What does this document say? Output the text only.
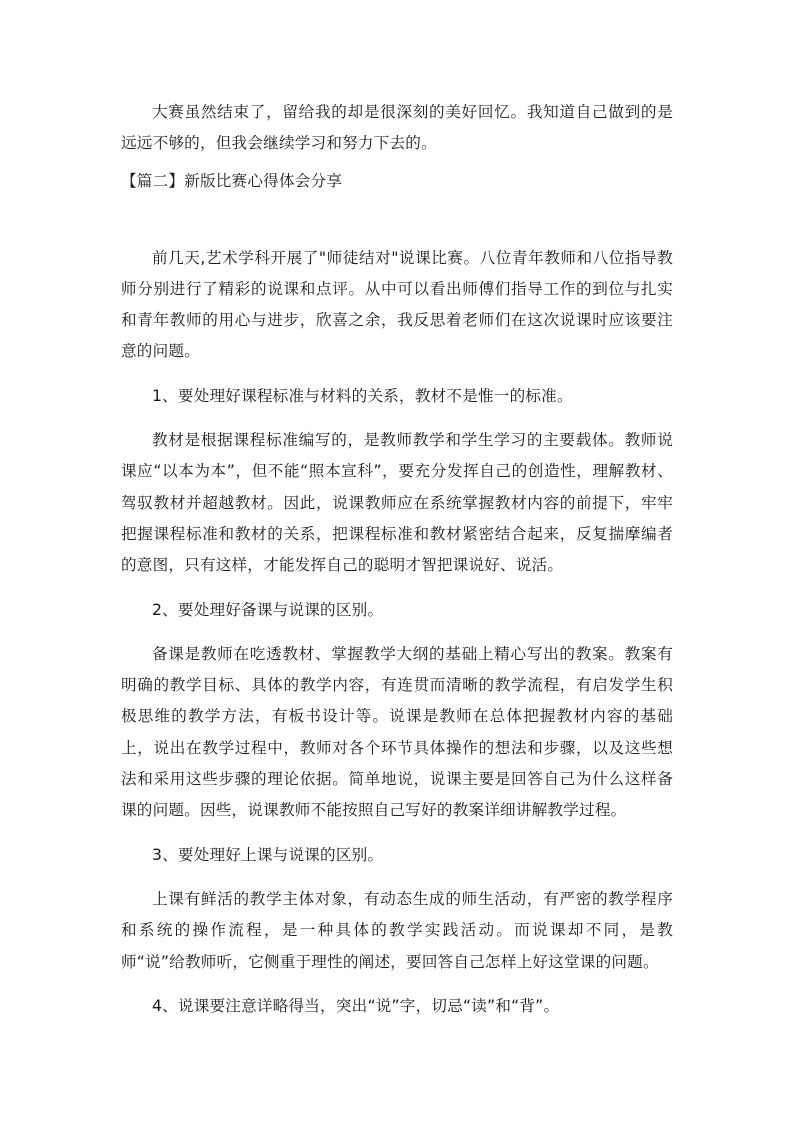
大赛虽然结束了，留给我的却是很深刻的美好回忆。我知道自己做到的是远远不够的，但我会继续学习和努力下去的。

【篇二】新版比赛心得体会分享

前几天,艺术学科开展了"师徒结对"说课比赛。八位青年教师和八位指导教师分别进行了精彩的说课和点评。从中可以看出师傅们指导工作的到位与扎实和青年教师的用心与进步，欣喜之余，我反思着老师们在这次说课时应该要注意的问题。

1、要处理好课程标准与材料的关系，教材不是惟一的标准。

教材是根据课程标准编写的，是教师教学和学生学习的主要载体。教师说课应“以本为本”，但不能“照本宣科”，要充分发挥自己的创造性，理解教材、驾驭教材并超越教材。因此，说课教师应在系统掌握教材内容的前提下，牢牢把握课程标准和教材的关系，把课程标准和教材紧密结合起来，反复揣摩编者的意图，只有这样，才能发挥自己的聪明才智把课说好、说活。

2、要处理好备课与说课的区别。

备课是教师在吃透教材、掌握教学大纲的基础上精心写出的教案。教案有明确的教学目标、具体的教学内容，有连贯而清晰的教学流程，有启发学生积极思维的教学方法，有板书设计等。说课是教师在总体把握教材内容的基础上，说出在教学过程中，教师对各个环节具体操作的想法和步骤，以及这些想法和采用这些步骤的理论依据。简单地说，说课主要是回答自己为什么这样备课的问题。因些，说课教师不能按照自己写好的教案详细讲解教学过程。

3、要处理好上课与说课的区别。

上课有鲜活的教学主体对象，有动态生成的师生活动，有严密的教学程序和系统的操作流程，是一种具体的教学实践活动。而说课却不同，是教师“说”给教师听，它侧重于理性的阐述，要回答自己怎样上好这堂课的问题。

4、说课要注意详略得当，突出“说”字，切忌“读”和“背”。
